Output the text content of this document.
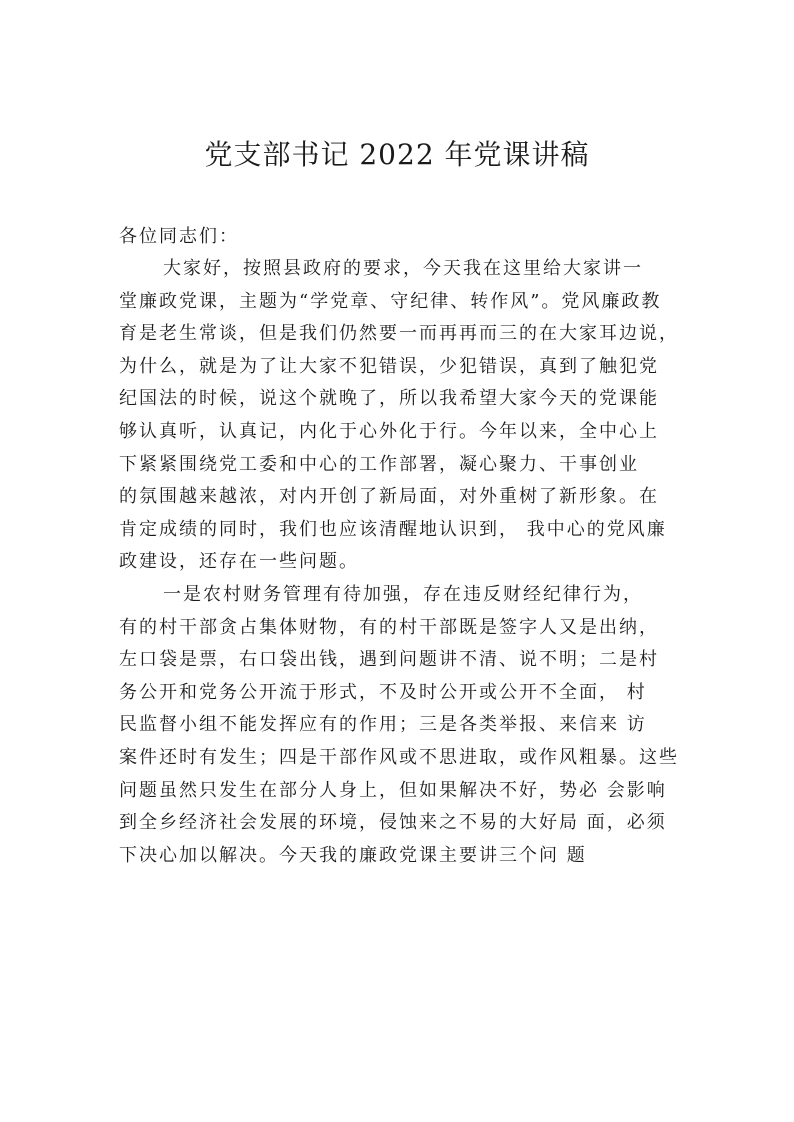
党支部书记 2022 年党课讲稿
各位同志们：
大家好，按照县政府的要求，今天我在这里给大家讲一
堂廉政党课，主题为“学党章、守纪律、转作风”。党风廉政教
育是老生常谈，但是我们仍然要一而再再而三的在大家耳边说，
为什么，就是为了让大家不犯错误，少犯错误，真到了触犯党
纪国法的时候，说这个就晚了，所以我希望大家今天的党课能
够认真听，认真记，内化于心外化于行。今年以来，全中心上
下紧紧围绕党工委和中心的工作部署，凝心聚力、干事创业
的氛围越来越浓，对内开创了新局面，对外重树了新形象。在
肯定成绩的同时，我们也应该清醒地认识到， 我中心的党风廉
政建设，还存在一些问题。
一是农村财务管理有待加强，存在违反财经纪律行为，
有的村干部贪占集体财物，有的村干部既是签字人又是出纳，
左口袋是票，右口袋出钱，遇到问题讲不清、说不明；二是村
务公开和党务公开流于形式，不及时公开或公开不全面， 村
民监督小组不能发挥应有的作用；三是各类举报、来信来 访
案件还时有发生；四是干部作风或不思进取，或作风粗暴。这些
问题虽然只发生在部分人身上，但如果解决不好，势必 会影响
到全乡经济社会发展的环境，侵蚀来之不易的大好局 面，必须
下决心加以解决。今天我的廉政党课主要讲三个问 题
